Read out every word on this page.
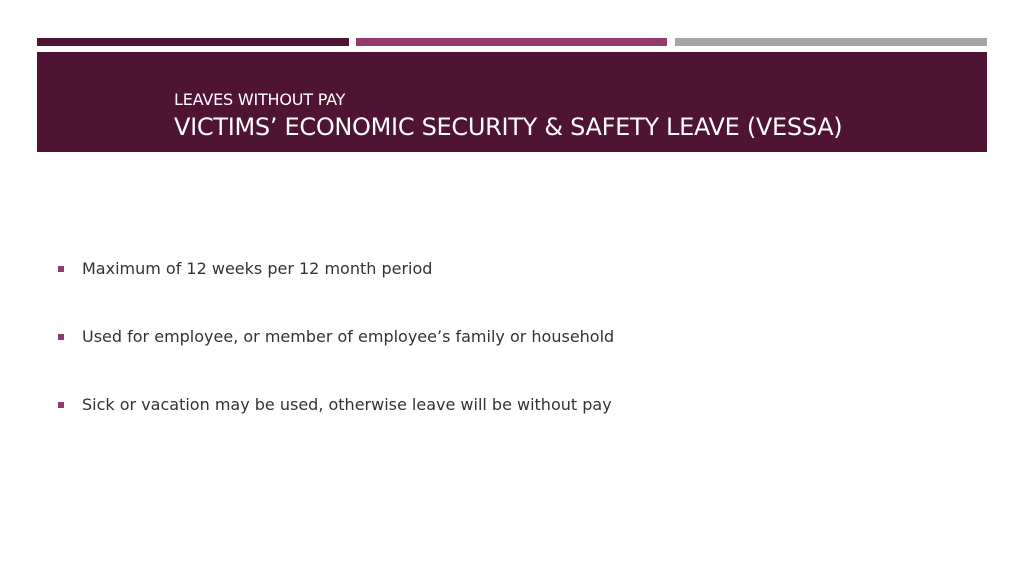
LEAVES WITHOUT PAY
VICTIMS’ ECONOMIC SECURITY & SAFETY LEAVE (VESSA)
Maximum of 12 weeks per 12 month period
Used for employee, or member of employee’s family or household
Sick or vacation may be used, otherwise leave will be without pay
